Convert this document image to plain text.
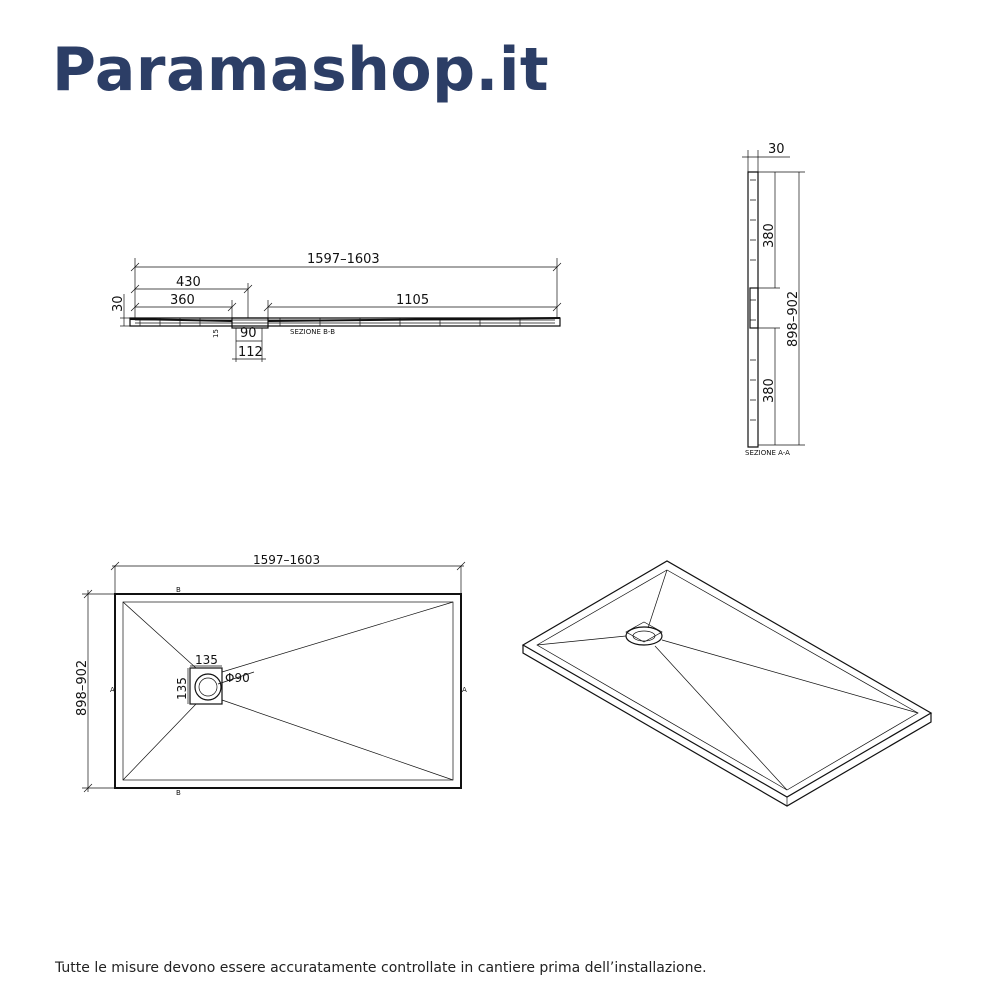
Paramashop.it
1597–1603
430
360	1105
30
15 90
112
SEZIONE B-B
30
898–902
380
380
SEZIONE A-A
1597–1603
898–902	135
135	Φ90
B
B
A	A
Tutte le misure devono essere accuratamente controllate in cantiere prima dell’installazione.
